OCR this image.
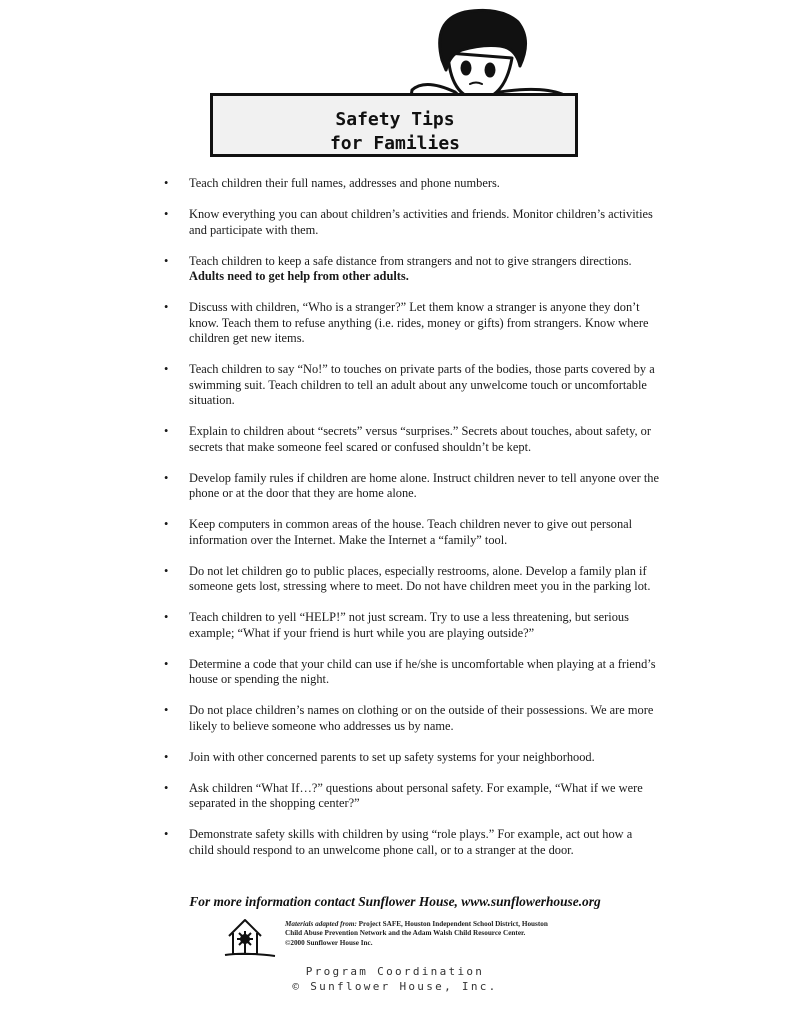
Safety Tips
for Families
• Teach children their full names, addresses and phone numbers.
• Know everything you can about children’s activities and friends. Monitor children’s activities and participate with them.
• Teach children to keep a safe distance from strangers and not to give strangers directions. Adults need to get help from other adults.
• Discuss with children, “Who is a stranger?” Let them know a stranger is anyone they don’t know. Teach them to refuse anything (i.e. rides, money or gifts) from strangers. Know where children get new items.
• Teach children to say “No!” to touches on private parts of the bodies, those parts covered by a swimming suit. Teach children to tell an adult about any unwelcome touch or uncomfortable situation.
• Explain to children about “secrets” versus “surprises.” Secrets about touches, about safety, or secrets that make someone feel scared or confused shouldn’t be kept.
• Develop family rules if children are home alone. Instruct children never to tell anyone over the phone or at the door that they are home alone.
• Keep computers in common areas of the house. Teach children never to give out personal information over the Internet. Make the Internet a “family” tool.
• Do not let children go to public places, especially restrooms, alone. Develop a family plan if someone gets lost, stressing where to meet. Do not have children meet you in the parking lot.
• Teach children to yell “HELP!” not just scream. Try to use a less threatening, but serious example; “What if your friend is hurt while you are playing outside?”
• Determine a code that your child can use if he/she is uncomfortable when playing at a friend’s house or spending the night.
• Do not place children’s names on clothing or on the outside of their possessions. We are more likely to believe someone who addresses us by name.
• Join with other concerned parents to set up safety systems for your neighborhood.
• Ask children “What If…?” questions about personal safety. For example, “What if we were separated in the shopping center?”
• Demonstrate safety skills with children by using “role plays.” For example, act out how a child should respond to an unwelcome phone call, or to a stranger at the door.
For more information contact Sunflower House, www.sunflowerhouse.org
Materials adapted from: Project SAFE, Houston Independent School District, Houston
Child Abuse Prevention Network and the Adam Walsh Child Resource Center.
©2000 Sunflower House Inc.
Program Coordination
© Sunflower House, Inc.
